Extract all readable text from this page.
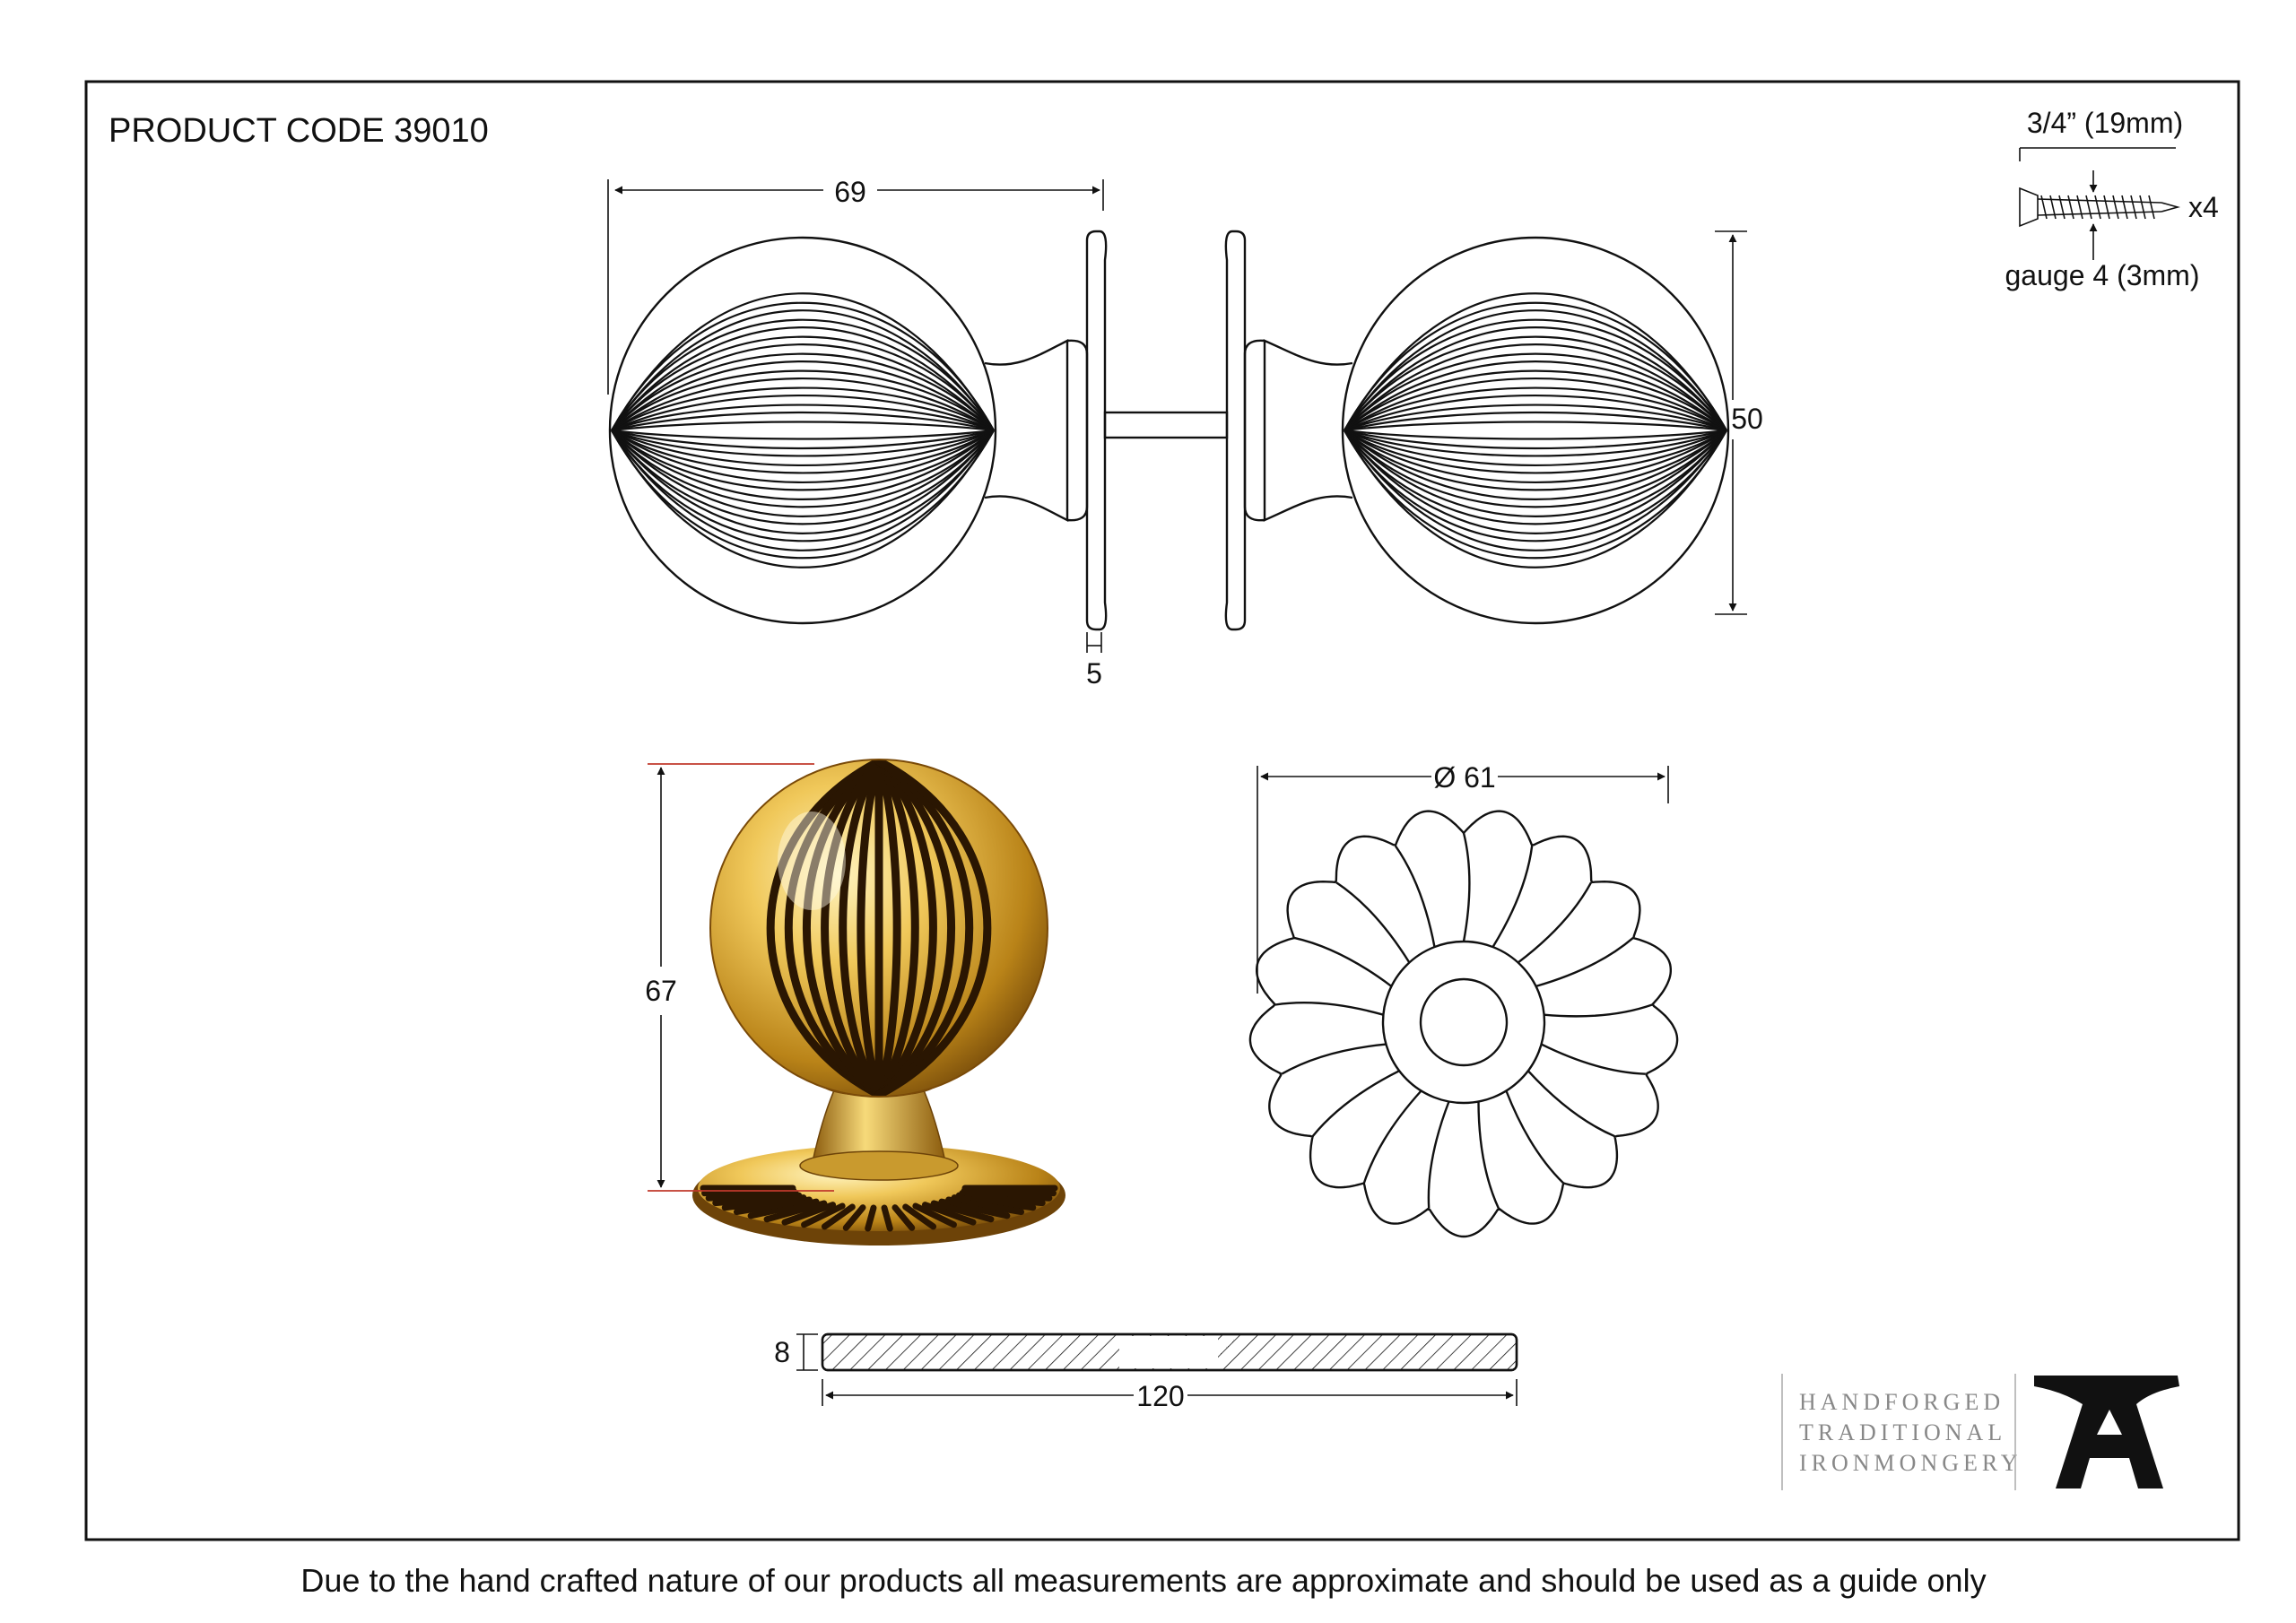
PRODUCT CODE 39010
69
50
5
67
Ø 61
8
120
3/4” (19mm)
x4
gauge 4 (3mm)
HANDFORGED
TRADITIONAL
IRONMONGERY
Due to the hand crafted nature of our products all measurements are approximate and should be used as a guide only
